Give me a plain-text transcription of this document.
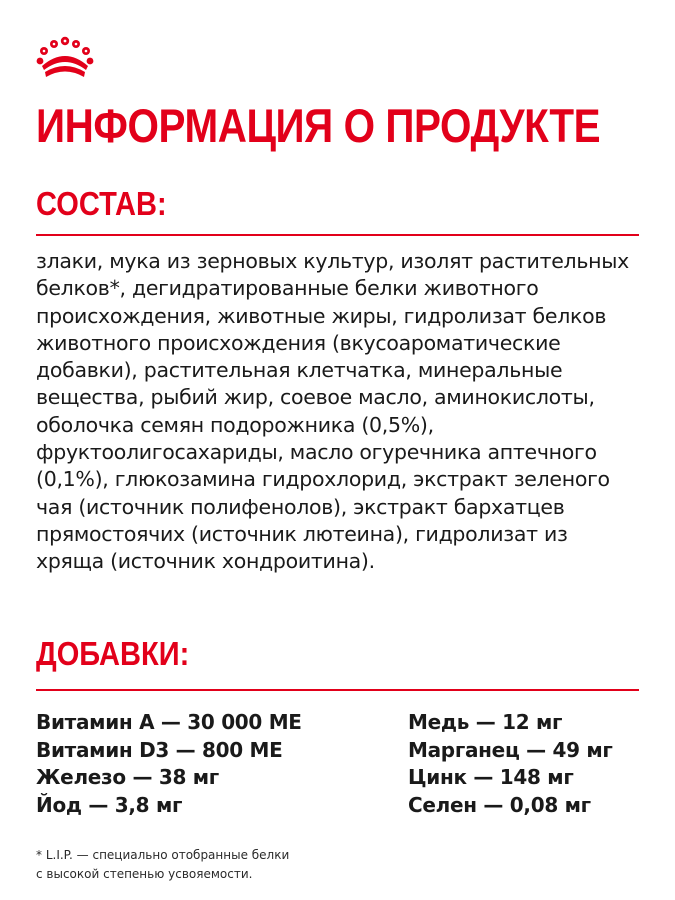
ИНФОРМАЦИЯ О ПРОДУКТЕ
СОСТАВ:
злаки, мука из зерновых культур, изолят растительных белков*, дегидратированные белки животного происхождения, животные жиры, гидролизат белков животного происхождения (вкусоароматические добавки), растительная клетчатка, минеральные вещества, рыбий жир, соевое масло, аминокислоты, оболочка семян подорожника (0,5%), фруктоолигосахариды, масло огуречника аптечного (0,1%), глюкозамина гидрохлорид, экстракт зеленого чая (источник полифенолов), экстракт бархатцев прямостоячих (источник лютеина), гидролизат из хряща (источник хондроитина).
ДОБАВКИ:
Витамин А — 30 000 МЕ
Витамин D3 — 800 МЕ
Железо — 38 мг
Йод — 3,8 мг
Медь — 12 мг
Марганец — 49 мг
Цинк — 148 мг
Селен — 0,08 мг
* L.I.P. — специально отобранные белки
с высокой степенью усвояемости.
